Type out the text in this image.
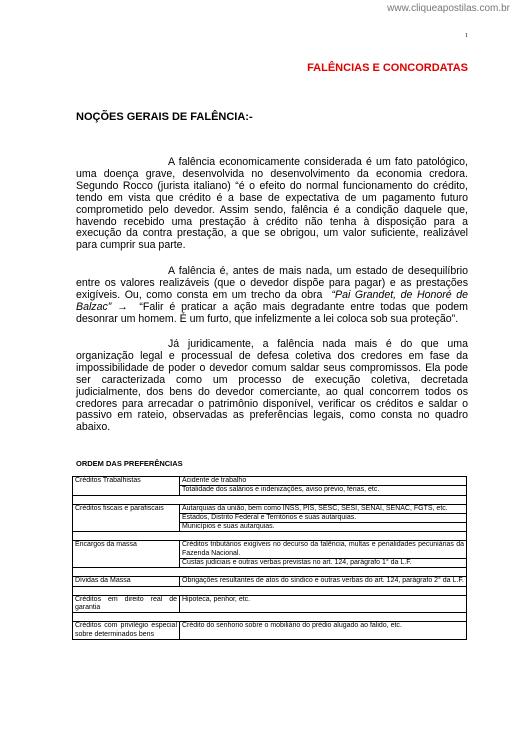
www.cliqueapostilas.com.br
1
FALÊNCIAS E CONCORDATAS
NOÇÕES GERAIS DE FALÊNCIA:-

A falência economicamente considerada é um fato patológico, uma doença grave, desenvolvida no desenvolvimento da economia credora. Segundo Rocco (jurista italiano) “é o efeito do normal funcionamento do crédito, tendo em vista que crédito é a base de expectativa de um pagamento futuro comprometido pelo devedor. Assim sendo, falência é a condição daquele que, havendo recebido uma prestação à crédito não tenha à disposição para a execução da contra prestação, a que se obrigou, um valor suficiente, realizável para cumprir sua parte.

A falência é, antes de mais nada, um estado de desequilíbrio entre os valores realizáveis (que o devedor dispõe para pagar) e as prestações exigíveis. Ou, como consta em um trecho da obra “Pai Grandet, de Honoré de Balzac” → “Falir é praticar a ação mais degradante entre todas que podem desonrar um homem. É um furto, que infelizmente a lei coloca sob sua proteção”.

Já juridicamente, a falência nada mais é do que uma organização legal e processual de defesa coletiva dos credores em fase da impossibilidade de poder o devedor comum saldar seus compromissos. Ela pode ser caracterizada como um processo de execução coletiva, decretada judicialmente, dos bens do devedor comerciante, ao qual concorrem todos os credores para arrecadar o patrimônio disponível, verificar os créditos e saldar o passivo em rateio, observadas as preferências legais, como consta no quadro abaixo.

ORDEM DAS PREFERÊNCIAS
Créditos Trabalhistas	Acidente de trabalho
	Totalidade dos salários e indenizações, aviso prévio, férias, etc.

Créditos fiscais e parafiscais	Autarquias da união, bem como INSS, PIS, SESC, SESI, SENAI, SENAC, FGTS, etc.
	Estados, Distrito Federal e Territórios e suas autarquias.
	Municípios e suas autarquias.

Encargos da massa	Créditos tributários exigíveis no decurso da falência, multas e penalidades pecuniárias da Fazenda Nacional.
	Custas judiciais e outras verbas previstas no art. 124, parágrafo 1° da L.F.

Dívidas da Massa	Obrigações resultantes de atos do síndico e outras verbas do art. 124, parágrafo 2° da L.F.

Créditos em direito real de garantia	Hipoteca, penhor, etc.

Créditos com privilégio especial sobre determinados bens	Crédito do senhorio sobre o mobiliário do prédio alugado ao falido, etc.
